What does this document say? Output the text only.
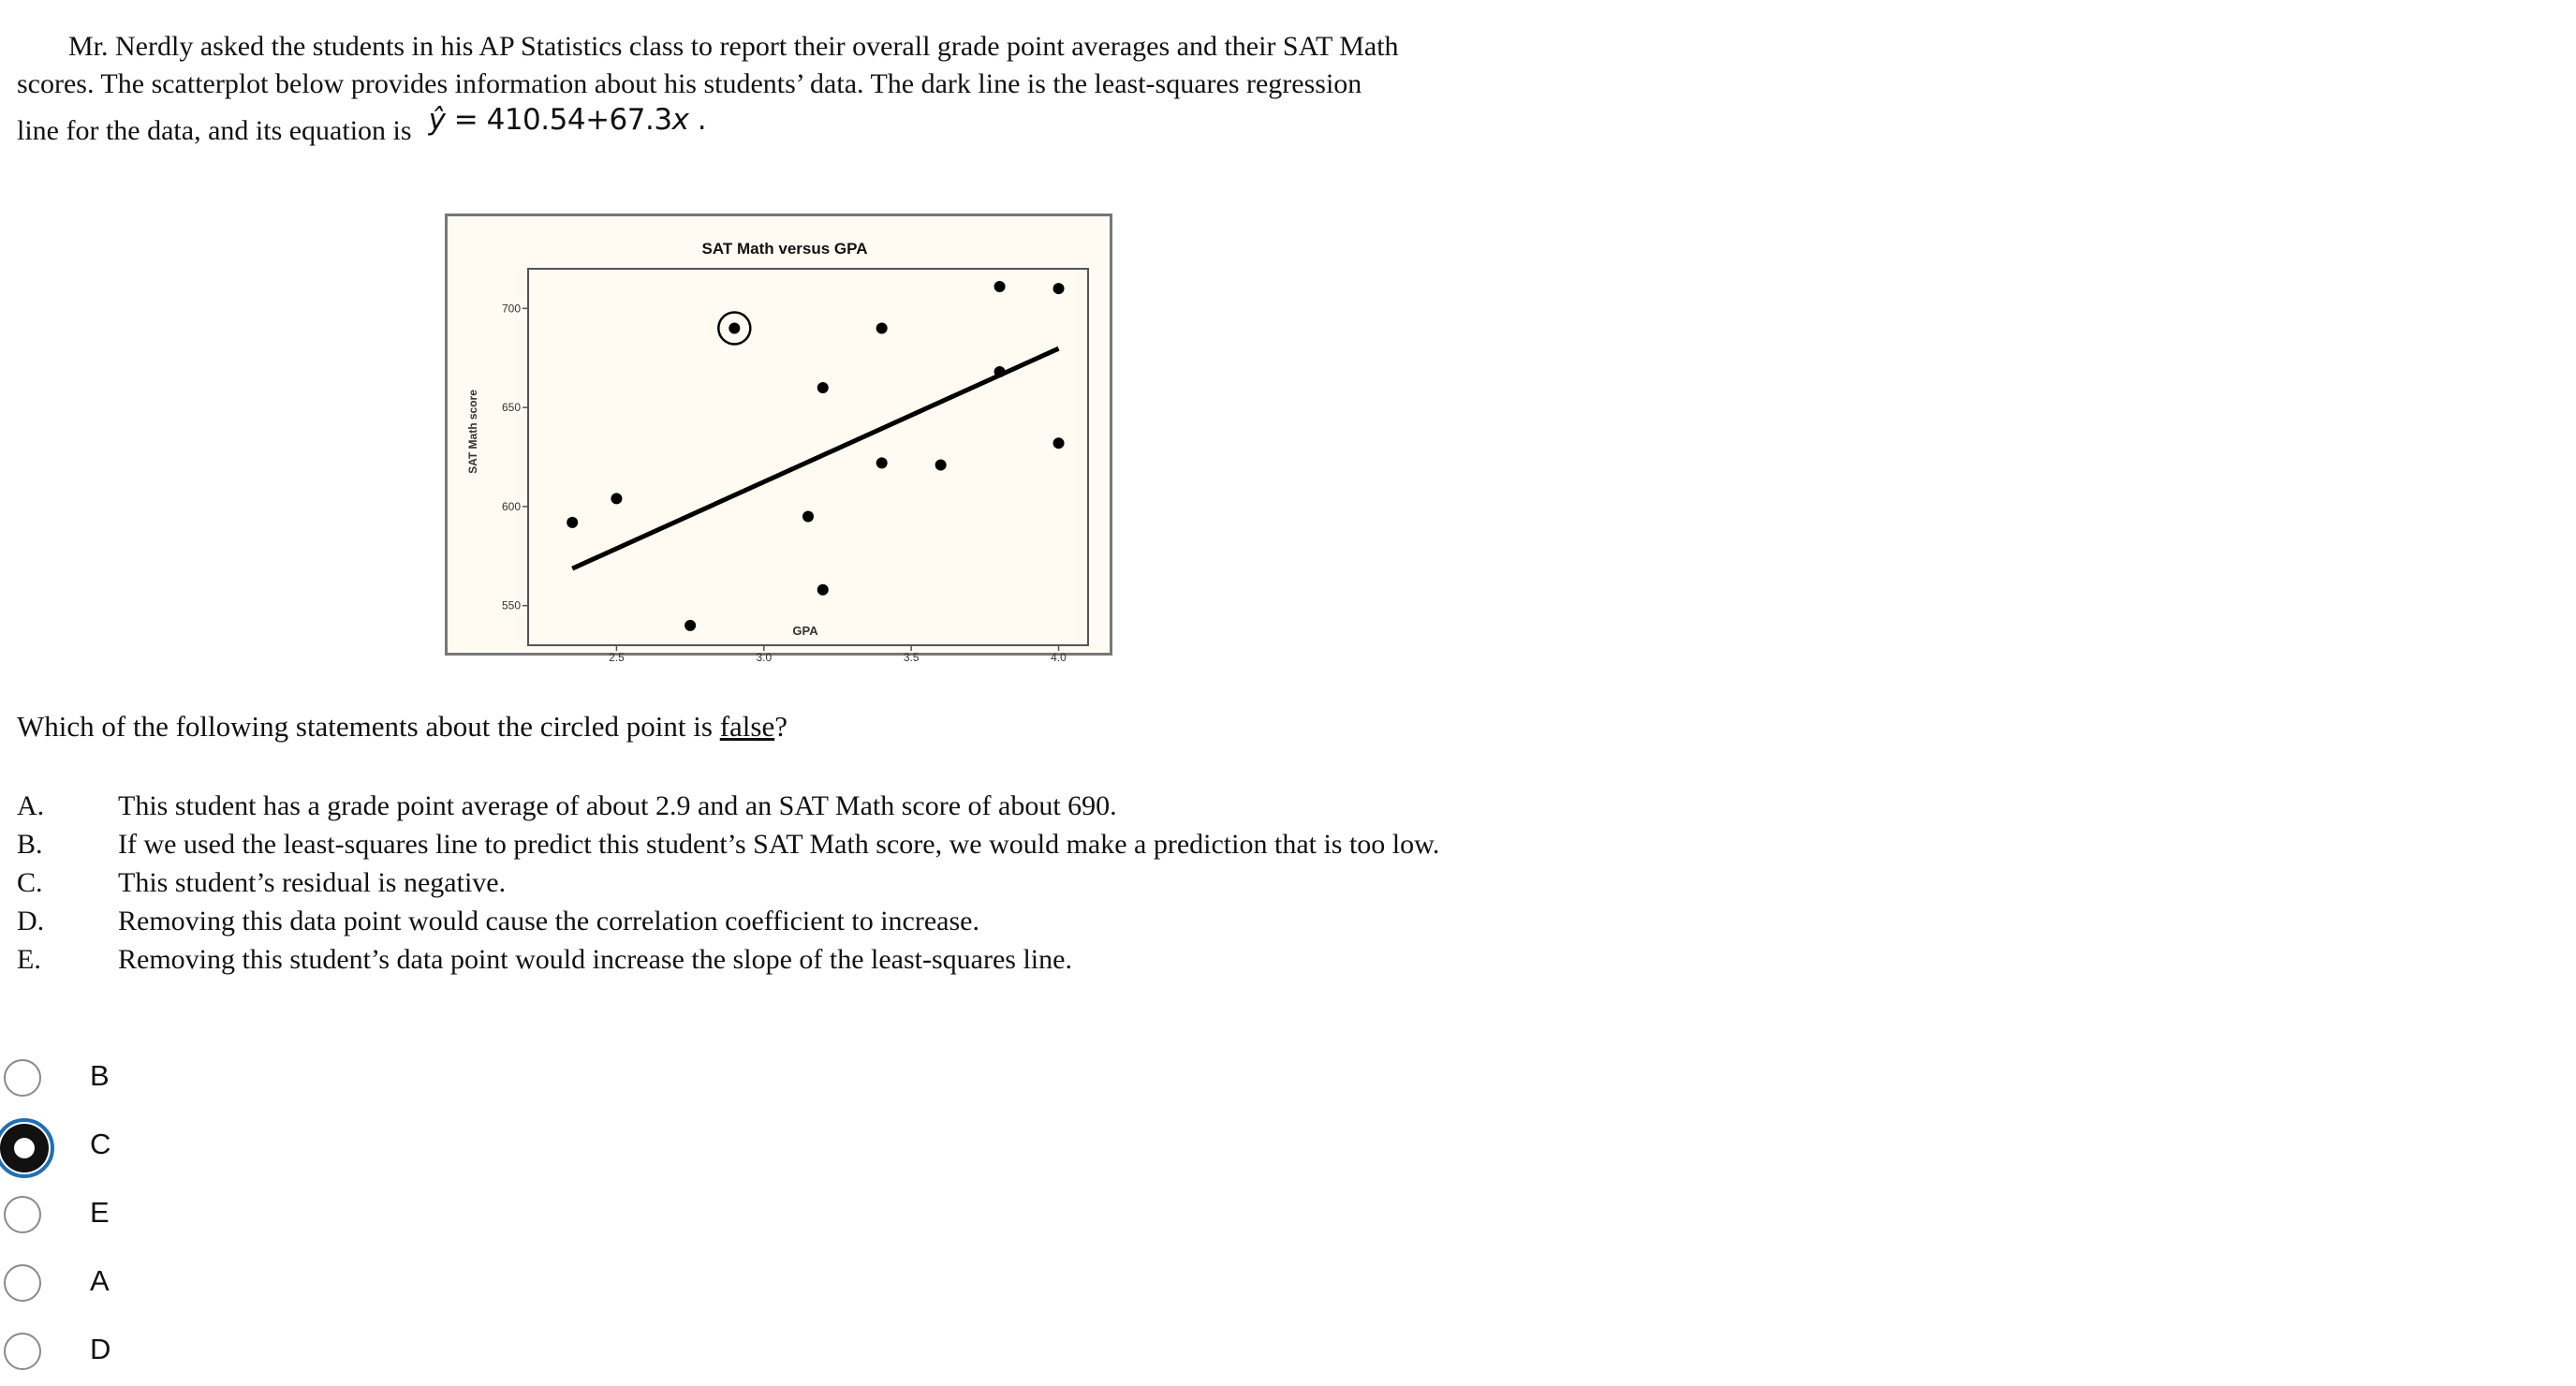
Mr. Nerdly asked the students in his AP Statistics class to report their overall grade point averages and their SAT Math
scores. The scatterplot below provides information about his students’ data. The dark line is the least-squares regression
line for the data, and its equation is ŷ = 410.54+67.3x .
SAT Math versus GPA
GPA
SAT Math score
2.5	3.0	3.5	4.0
550
600
650
700
Which of the following statements about the circled point is false?
A.	This student has a grade point average of about 2.9 and an SAT Math score of about 690.
B.	If we used the least-squares line to predict this student’s SAT Math score, we would make a prediction that is too low.
C.	This student’s residual is negative.
D.	Removing this data point would cause the correlation coefficient to increase.
E.	Removing this student’s data point would increase the slope of the least-squares line.
B
C
E
A
D
